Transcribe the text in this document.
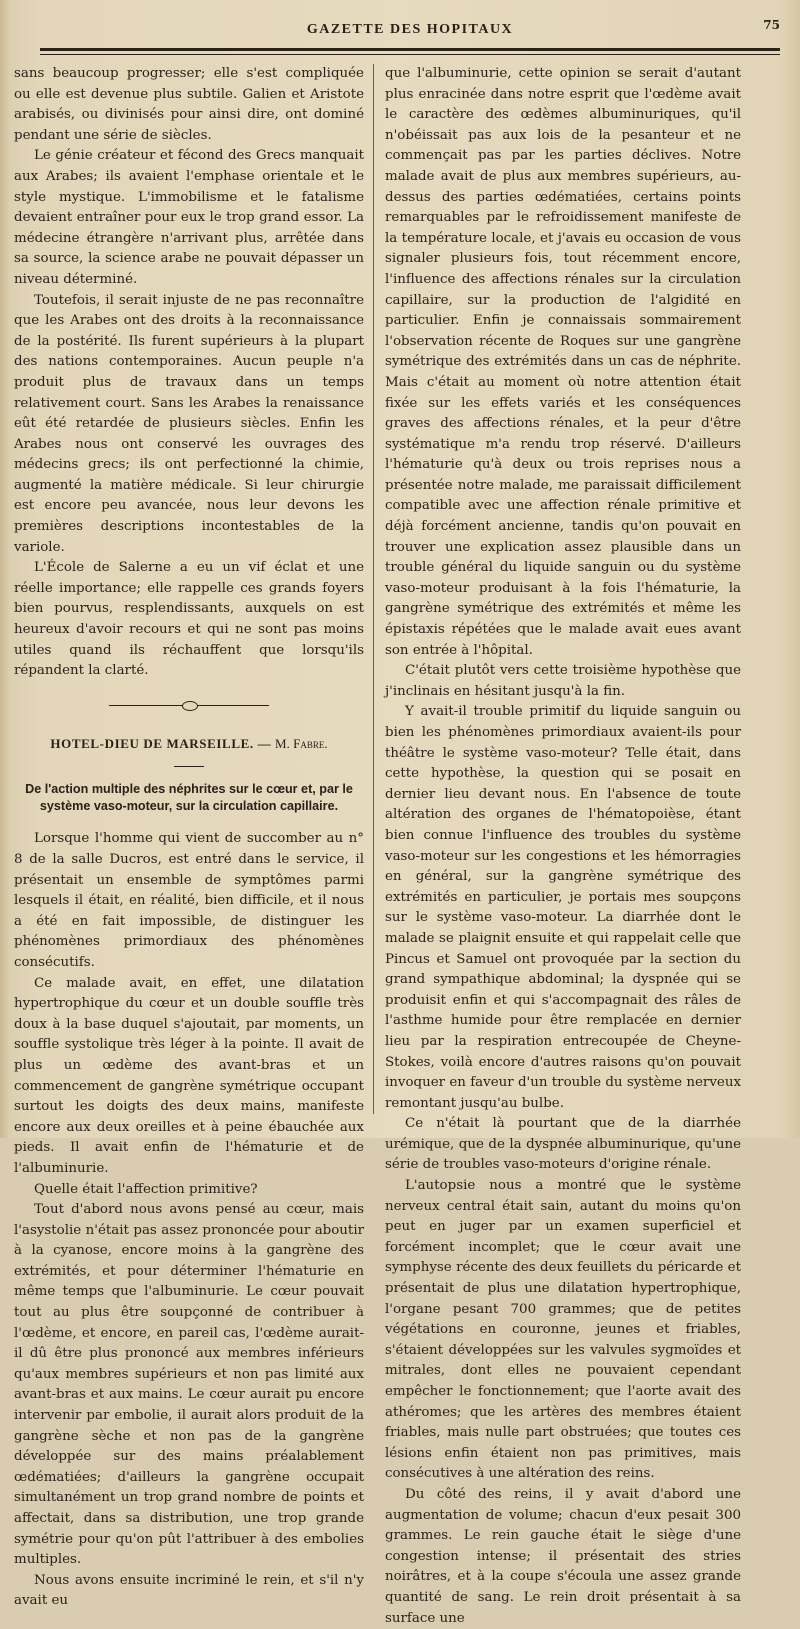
GAZETTE DES HOPITAUX	75

sans beaucoup progresser; elle s'est compliquée ou elle est devenue plus subtile. Galien et Aristote arabisés, ou divinisés pour ainsi dire, ont dominé pendant une série de siècles.

Le génie créateur et fécond des Grecs manquait aux Arabes; ils avaient l'emphase orientale et le style mystique. L'immobilisme et le fatalisme devaient entraîner pour eux le trop grand essor. La médecine étrangère n'arrivant plus, arrêtée dans sa source, la science arabe ne pouvait dépasser un niveau déterminé.

Toutefois, il serait injuste de ne pas reconnaître que les Arabes ont des droits à la reconnaissance de la postérité. Ils furent supérieurs à la plupart des nations contemporaines. Aucun peuple n'a produit plus de travaux dans un temps relativement court. Sans les Arabes la renaissance eût été retardée de plusieurs siècles. Enfin les Arabes nous ont conservé les ouvrages des médecins grecs; ils ont perfectionné la chimie, augmenté la matière médicale. Si leur chirurgie est encore peu avancée, nous leur devons les premières descriptions incontestables de la variole.

L'École de Salerne a eu un vif éclat et une réelle importance; elle rappelle ces grands foyers bien pourvus, resplendissants, auxquels on est heureux d'avoir recours et qui ne sont pas moins utiles quand ils réchauffent que lorsqu'ils répandent la clarté.

HOTEL-DIEU DE MARSEILLE. — M. Fabre.
De l'action multiple des néphrites sur le cœur et, par le système vaso-moteur, sur la circulation capillaire.

Lorsque l'homme qui vient de succomber au n° 8 de la salle Ducros, est entré dans le service, il présentait un ensemble de symptômes parmi lesquels il était, en réalité, bien difficile, et il nous a été en fait impossible, de distinguer les phénomènes primordiaux des phénomènes consécutifs.

Ce malade avait, en effet, une dilatation hypertrophique du cœur et un double souffle très doux à la base duquel s'ajoutait, par moments, un souffle systolique très léger à la pointe. Il avait de plus un œdème des avant-bras et un commencement de gangrène symétrique occupant surtout les doigts des deux mains, manifeste encore aux deux oreilles et à peine ébauchée aux pieds. Il avait enfin de l'hématurie et de l'albuminurie.

Quelle était l'affection primitive?

Tout d'abord nous avons pensé au cœur, mais l'asystolie n'était pas assez prononcée pour aboutir à la cyanose, encore moins à la gangrène des extrémités, et pour déterminer l'hématurie en même temps que l'albuminurie. Le cœur pouvait tout au plus être soupçonné de contribuer à l'œdème, et encore, en pareil cas, l'œdème aurait-il dû être plus prononcé aux membres inférieurs qu'aux membres supérieurs et non pas limité aux avant-bras et aux mains. Le cœur aurait pu encore intervenir par embolie, il aurait alors produit de la gangrène sèche et non pas de la gangrène développée sur des mains préalablement œdématiées; d'ailleurs la gangrène occupait simultanément un trop grand nombre de points et affectait, dans sa distribution, une trop grande symétrie pour qu'on pût l'attribuer à des embolies multiples.

Nous avons ensuite incriminé le rein, et s'il n'y avait eu

que l'albuminurie, cette opinion se serait d'autant plus enracinée dans notre esprit que l'œdème avait le caractère des œdèmes albuminuriques, qu'il n'obéissait pas aux lois de la pesanteur et ne commençait pas par les parties déclives. Notre malade avait de plus aux membres supérieurs, au-dessus des parties œdématiées, certains points remarquables par le refroidissement manifeste de la température locale, et j'avais eu occasion de vous signaler plusieurs fois, tout récemment encore, l'influence des affections rénales sur la circulation capillaire, sur la production de l'algidité en particulier. Enfin je connaissais sommairement l'observation récente de Roques sur une gangrène symétrique des extrémités dans un cas de néphrite. Mais c'était au moment où notre attention était fixée sur les effets variés et les conséquences graves des affections rénales, et la peur d'être systématique m'a rendu trop réservé. D'ailleurs l'hématurie qu'à deux ou trois reprises nous a présentée notre malade, me paraissait difficilement compatible avec une affection rénale primitive et déjà forcément ancienne, tandis qu'on pouvait en trouver une explication assez plausible dans un trouble général du liquide sanguin ou du système vaso-moteur produisant à la fois l'hématurie, la gangrène symétrique des extrémités et même les épistaxis répétées que le malade avait eues avant son entrée à l'hôpital.

C'était plutôt vers cette troisième hypothèse que j'inclinais en hésitant jusqu'à la fin.

Y avait-il trouble primitif du liquide sanguin ou bien les phénomènes primordiaux avaient-ils pour théâtre le système vaso-moteur? Telle était, dans cette hypothèse, la question qui se posait en dernier lieu devant nous. En l'absence de toute altération des organes de l'hématopoièse, étant bien connue l'influence des troubles du système vaso-moteur sur les congestions et les hémorragies en général, sur la gangrène symétrique des extrémités en particulier, je portais mes soupçons sur le système vaso-moteur. La diarrhée dont le malade se plaignit ensuite et qui rappelait celle que Pincus et Samuel ont provoquée par la section du grand sympathique abdominal; la dyspnée qui se produisit enfin et qui s'accompagnait des râles de l'asthme humide pour être remplacée en dernier lieu par la respiration entrecoupée de Cheyne-Stokes, voilà encore d'autres raisons qu'on pouvait invoquer en faveur d'un trouble du système nerveux remontant jusqu'au bulbe.

Ce n'était là pourtant que de la diarrhée urémique, que de la dyspnée albuminurique, qu'une série de troubles vaso-moteurs d'origine rénale.

L'autopsie nous a montré que le système nerveux central était sain, autant du moins qu'on peut en juger par un examen superficiel et forcément incomplet; que le cœur avait une symphyse récente des deux feuillets du péricarde et présentait de plus une dilatation hypertrophique, l'organe pesant 700 grammes; que de petites végétations en couronne, jeunes et friables, s'étaient développées sur les valvules sygmoïdes et mitrales, dont elles ne pouvaient cependant empêcher le fonctionnement; que l'aorte avait des athéromes; que les artères des membres étaient friables, mais nulle part obstruées; que toutes ces lésions enfin étaient non pas primitives, mais consécutives à une altération des reins.

Du côté des reins, il y avait d'abord une augmentation de volume; chacun d'eux pesait 300 grammes. Le rein gauche était le siège d'une congestion intense; il présentait des stries noirâtres, et à la coupe s'écoula une assez grande quantité de sang. Le rein droit présentait à sa surface une
